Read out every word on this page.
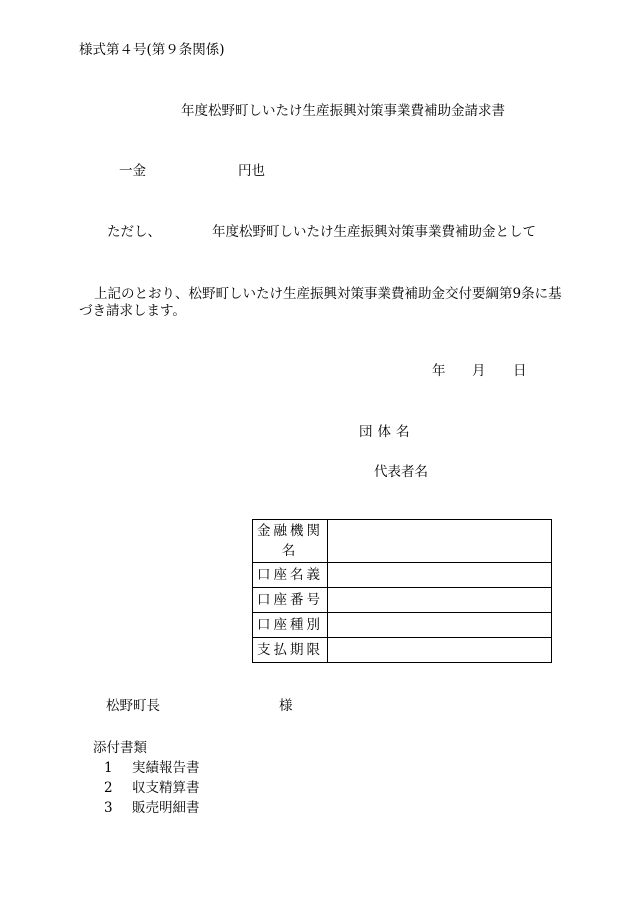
様式第４号(第９条関係)

年度松野町しいたけ生産振興対策事業費補助金請求書

一金	円也

ただし、	年度松野町しいたけ生産振興対策事業費補助金として

上記のとおり、松野町しいたけ生産振興対策事業費補助金交付要綱第9条に基

づき請求します。

年 月 日

団体名

代表者名

金融機関名	
口座名義	
口座番号	
口座種別	
支払期限	

松野町長	様

添付書類

1 実績報告書

2 収支精算書

3 販売明細書
